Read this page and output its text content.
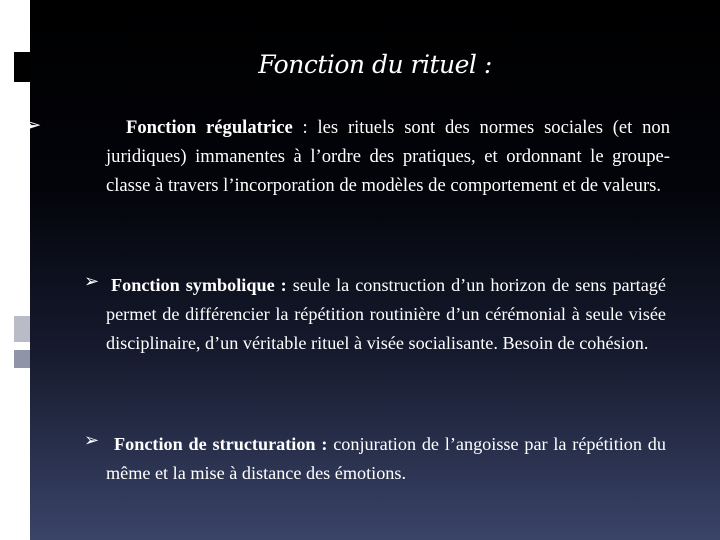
Fonction du rituel :
➢	Fonction régulatrice : les rituels sont des normes sociales (et non juridiques) immanentes à l’ordre des pratiques, et ordonnant le groupe-classe à travers l’incorporation de modèles de comportement et de valeurs.
➢ Fonction symbolique : seule la construction d’un horizon de sens partagé permet de différencier la répétition routinière d’un cérémonial à seule visée disciplinaire, d’un véritable rituel à visée socialisante. Besoin de cohésion.
➢ Fonction de structuration : conjuration de l’angoisse par la répétition du même et la mise à distance des émotions.
